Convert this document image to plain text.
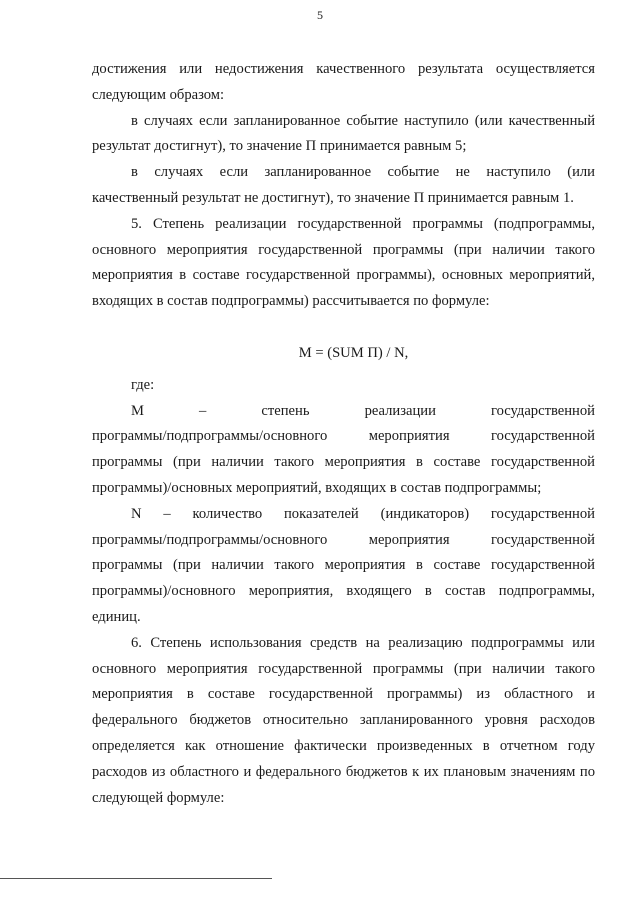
5

достижения или недостижения качественного результата осуществляется следующим образом:

в случаях если запланированное событие наступило (или качественный результат достигнут), то значение П принимается равным 5;

в случаях если запланированное событие не наступило (или качественный результат не достигнут), то значение П принимается равным 1.

5. Степень реализации государственной программы (подпрограммы, основного мероприятия государственной программы (при наличии такого мероприятия в составе государственной программы), основных мероприятий, входящих в состав подпрограммы) рассчитывается по формуле:

M = (SUM П) / N,

где:

M	–	степень	реализации	государственной
программы/подпрограммы/основного	мероприятия	государственной

программы (при наличии такого мероприятия в составе государственной программы)/основных мероприятий, входящих в состав подпрограммы;

N – количество показателей (индикаторов) государственной
программы/подпрограммы/основного	мероприятия	государственной

программы (при наличии такого мероприятия в составе государственной программы)/основного мероприятия, входящего в состав подпрограммы, единиц.

6. Степень использования средств на реализацию подпрограммы или основного мероприятия государственной программы (при наличии такого мероприятия в составе государственной программы) из областного и федерального бюджетов относительно запланированного уровня расходов определяется как отношение фактически произведенных в отчетном году расходов из областного и федерального бюджетов к их плановым значениям по следующей формуле:
